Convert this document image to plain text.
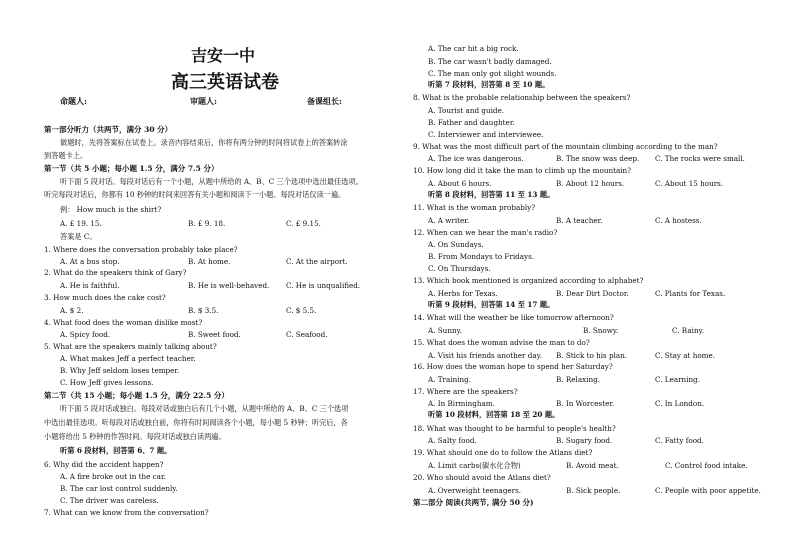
吉安一中
高三英语试卷
命题人:	审题人:	备课组长:
第一部分听力（共两节，满分 30 分）
做题时，先将答案标在试卷上。录音内容结束后，你将有两分钟的时间将试卷上的答案转涂
到答题卡上。
第一节（共 5 小题；每小题 1.5 分，满分 7.5 分）
听下面 5 段对话。每段对话后有一个小题，从题中所给的 A、B、C 三个选项中选出最佳选项。
听完每段对话后，你都有 10 秒钟的时间来回答有关小题和阅读下一小题。每段对话仅读一遍。
例： How much is the shirt?
A. £ 19. 15.	B. £ 9. 18.	C. £ 9.15.
答案是 C。
1. Where does the conversation probably take place?
A. At a bus stop.	B. At home.	C. At the airport.
2. What do the speakers think of Gary?
A. He is faithful.	B. He is well-behaved. C. He is unqualified.
3. How much does the cake cost?
A. $ 2.	B. $ 3.5.	C. $ 5.5.
4. What food does the woman dislike most?
A. Spicy food.	B. Sweet food.	C. Seafood.
5. What are the speakers mainly talking about?
A. What makes Jeff a perfect teacher.
B. Why Jeff seldom loses temper.
C. How Jeff gives lessons.
第二节（共 15 小题；每小题 1.5 分，满分 22.5 分）
听下面 5 段对话或独白。每段对话或独白后有几个小题，从题中所给的 A、B、C 三个选项
中选出最佳选项。听每段对话或独白前，你将有时间阅读各个小题，每小题 5 秒钟；听完后，各
小题将给出 5 秒钟的作答时间。每段对话或独白读两遍。
听第 6 段材料，回答第 6、7 题。
6. Why did the accident happen?
A. A fire broke out in the car.
B. The car lost control suddenly.
C. The driver was careless.
7. What can we know from the conversation?
A. The car hit a big rock.
B. The car wasn't badly damaged.
C. The man only got slight wounds.
听第 7 段材料，回答第 8 至 10 题。
8. What is the probable relationship between the speakers?
A. Tourist and guide.
B. Father and daughter.
C. Interviewer and interviewee.
9. What was the most difficult part of the mountain climbing according to the man?
A. The ice was dangerous.	B. The snow was deep. C. The rocks were small.
10. How long did it take the man to climb up the mountain?
A. About 6 hours.	B. About 12 hours.	C. About 15 hours.
听第 8 段材料，回答第 11 至 13 题。
11. What is the woman probably?
A. A writer.	B. A teacher.	C. A hostess.
12. When can we hear the man's radio?
A. On Sundays.
B. From Mondays to Fridays.
C. On Thursdays.
13. Which book mentioned is organized according to alphabet?
A. Herbs for Texas.	B. Dear Dirt Doctor.	C. Plants for Texas.
听第 9 段材料，回答第 14 至 17 题。
14. What will the weather be like tomorrow afternoon?
A. Sunny.	B. Snowy.	C. Rainy.
15. What does the woman advise the man to do?
A. Visit his friends another day. B. Stick to his plan.	C. Stay at home.
16. How does the woman hope to spend her Saturday?
A. Training.	B. Relaxing.	C. Learning.
17. Where are the speakers?
A. In Birmingham.	B. In Worcester.	C. In London.
听第 10 段材料，回答第 18 至 20 题。
18. What was thought to be harmful to people's health?
A. Salty food.	B. Sugary food.	C. Fatty food.
19. What should one do to follow the Atlans diet?
A. Limit carbs(碳水化合物)	B. Avoid meat.	C. Control food intake.
20. Who should avoid the Atlans diet?
A. Overweight teenagers.	B. Sick people.	C. People with poor appetite.
第二部分 阅读(共两节, 满分 50 分)
